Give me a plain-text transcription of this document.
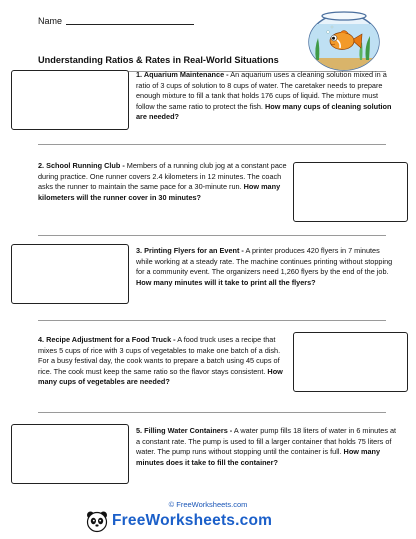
Name
Understanding Ratios & Rates in Real-World Situations
1. Aquarium Maintenance - An aquarium uses a cleaning solution mixed in a ratio of 3 cups of solution to 8 cups of water. The caretaker needs to prepare enough mixture to fill a tank that holds 176 cups of liquid. The mixture must follow the same ratio to protect the fish. How many cups of cleaning solution are needed?
2. School Running Club - Members of a running club jog at a constant pace during practice. One runner covers 2.4 kilometers in 12 minutes. The coach asks the runner to maintain the same pace for a 30-minute run. How many kilometers will the runner cover in 30 minutes?
3. Printing Flyers for an Event - A printer produces 420 flyers in 7 minutes while working at a steady rate. The machine continues printing without stopping for a community event. The organizers need 1,260 flyers by the end of the job. How many minutes will it take to print all the flyers?
4. Recipe Adjustment for a Food Truck - A food truck uses a recipe that mixes 5 cups of rice with 3 cups of vegetables to make one batch of a dish. For a busy festival day, the cook wants to prepare a batch using 45 cups of rice. The cook must keep the same ratio so the flavor stays consistent. How many cups of vegetables are needed?
5. Filling Water Containers - A water pump fills 18 liters of water in 6 minutes at a constant rate. The pump is used to fill a larger container that holds 75 liters of water. The pump runs without stopping until the container is full. How many minutes does it take to fill the container?
© FreeWorksheets.com
FreeWorksheets.com
